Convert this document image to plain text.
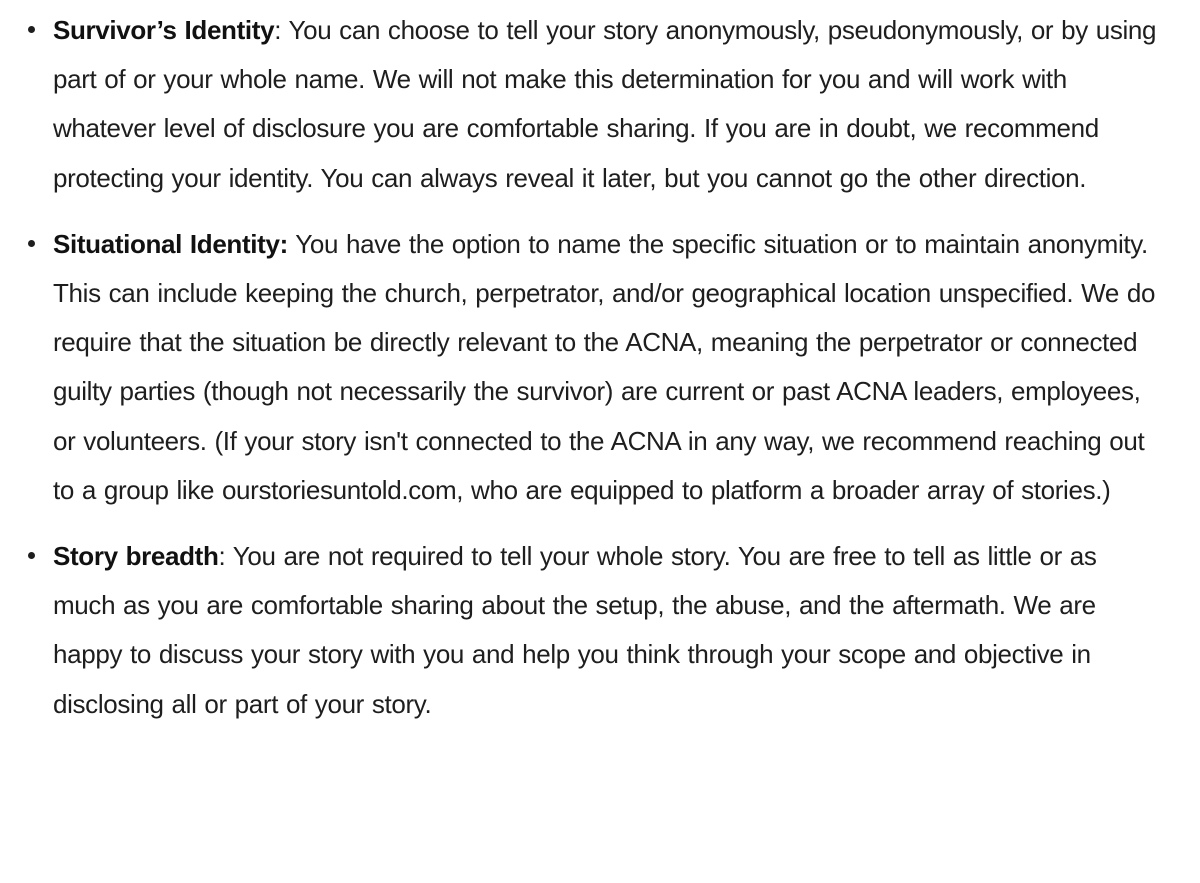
Survivor’s Identity: You can choose to tell your story anonymously, pseudonymously, or by using part of or your whole name. We will not make this determination for you and will work with whatever level of disclosure you are comfortable sharing. If you are in doubt, we recommend protecting your identity. You can always reveal it later, but you cannot go the other direction.
Situational Identity: You have the option to name the specific situation or to maintain anonymity. This can include keeping the church, perpetrator, and/or geographical location unspecified. We do require that the situation be directly relevant to the ACNA, meaning the perpetrator or connected guilty parties (though not necessarily the survivor) are current or past ACNA leaders, employees, or volunteers. (If your story isn't connected to the ACNA in any way, we recommend reaching out to a group like ourstoriesuntold.com, who are equipped to platform a broader array of stories.)
Story breadth: You are not required to tell your whole story. You are free to tell as little or as much as you are comfortable sharing about the setup, the abuse, and the aftermath. We are happy to discuss your story with you and help you think through your scope and objective in disclosing all or part of your story.
